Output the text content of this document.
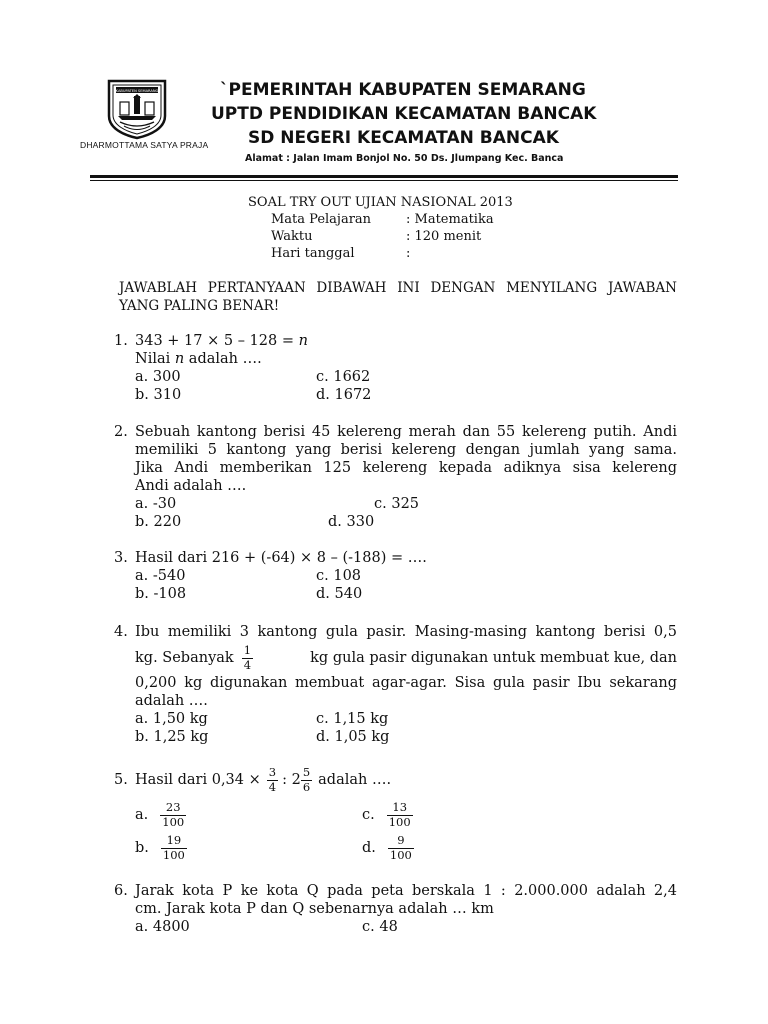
KABUPATEN SEMARANG
DHARMOTTAMA SATYA PRAJA
`PEMERINTAH KABUPATEN SEMARANG
UPTD PENDIDIKAN KECAMATAN BANCAK
SD NEGERI KECAMATAN BANCAK
Alamat : Jalan Imam Bonjol No. 50 Ds. Jlumpang Kec. Banca
SOAL TRY OUT UJIAN NASIONAL 2013
Mata Pelajaran	: Matematika
Waktu	: 120 menit
Hari tanggal	:
JAWABLAH PERTANYAAN DIBAWAH INI DENGAN MENYILANG JAWABAN
YANG PALING BENAR!
1. 343 + 17 × 5 – 128 = n
Nilai n adalah ….
a. 300
b. 310
c. 1662
d. 1672
2. Sebuah kantong berisi 45 kelereng merah dan 55 kelereng putih. Andi
memiliki 5 kantong yang berisi kelereng dengan jumlah yang sama.
Jika Andi memberikan 125 kelereng kepada adiknya sisa kelereng
Andi adalah ….
a. -30
b. 220
c. 325
d. 330
3. Hasil dari 216 + (-64) × 8 – (-188) = ….
a. -540
b. -108
c. 108
d. 540
4. Ibu memiliki 3 kantong gula pasir. Masing-masing kantong berisi 0,5
kg. Sebanyak $\frac{1}{4}$	kg gula pasir digunakan untuk membuat kue, dan
0,200 kg digunakan membuat agar-agar. Sisa gula pasir Ibu sekarang
adalah ….
a. 1,50 kg
b. 1,25 kg
c. 1,15 kg
d. 1,05 kg
5. Hasil dari $0,34 \times \frac{3}{4}$ : $2 \frac{5}{6}$ adalah ….
a. $\frac{23}{100}$
b. $\frac{19}{100}$
c. $\frac{13}{100}$
d. $\frac{9}{100}$
6. Jarak kota P ke kota Q pada peta berskala 1 : 2.000.000 adalah 2,4
cm. Jarak kota P dan Q sebenarnya adalah … km
a. 4800	c. 48
